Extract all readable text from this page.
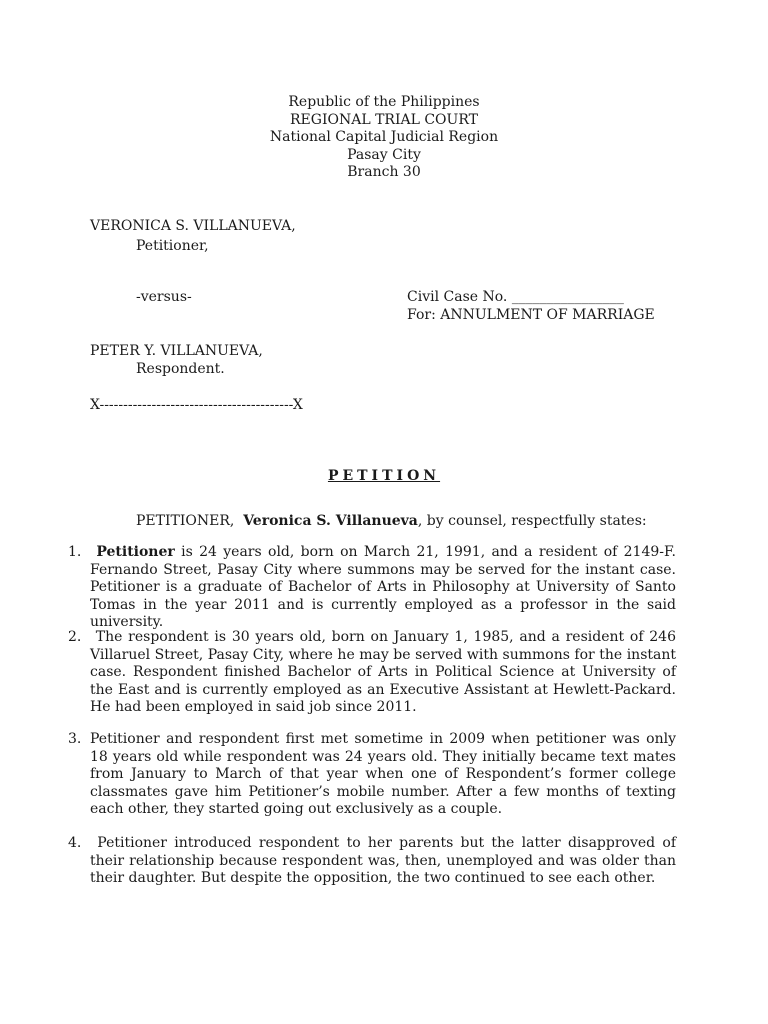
Republic of the Philippines
REGIONAL TRIAL COURT
National Capital Judicial Region
Pasay City
Branch 30
VERONICA S. VILLANUEVA,
Petitioner,
-versus-	Civil Case No. ________________
For: ANNULMENT OF MARRIAGE
PETER Y. VILLANUEVA,
Respondent.
X-----------------------------------------X
PETITION
PETITIONER, Veronica S. Villanueva, by counsel, respectfully states:
1. Petitioner is 24 years old, born on March 21, 1991, and a resident of 2149-F. Fernando Street, Pasay City where summons may be served for the instant case. Petitioner is a graduate of Bachelor of Arts in Philosophy at University of Santo Tomas in the year 2011 and is currently employed as a professor in the said university.
2. The respondent is 30 years old, born on January 1, 1985, and a resident of 246 Villaruel Street, Pasay City, where he may be served with summons for the instant case. Respondent finished Bachelor of Arts in Political Science at University of the East and is currently employed as an Executive Assistant at Hewlett-Packard. He had been employed in said job since 2011.
3. Petitioner and respondent first met sometime in 2009 when petitioner was only 18 years old while respondent was 24 years old. They initially became text mates from January to March of that year when one of Respondent’s former college classmates gave him Petitioner’s mobile number. After a few months of texting each other, they started going out exclusively as a couple.
4. Petitioner introduced respondent to her parents but the latter disapproved of their relationship because respondent was, then, unemployed and was older than their daughter. But despite the opposition, the two continued to see each other.
